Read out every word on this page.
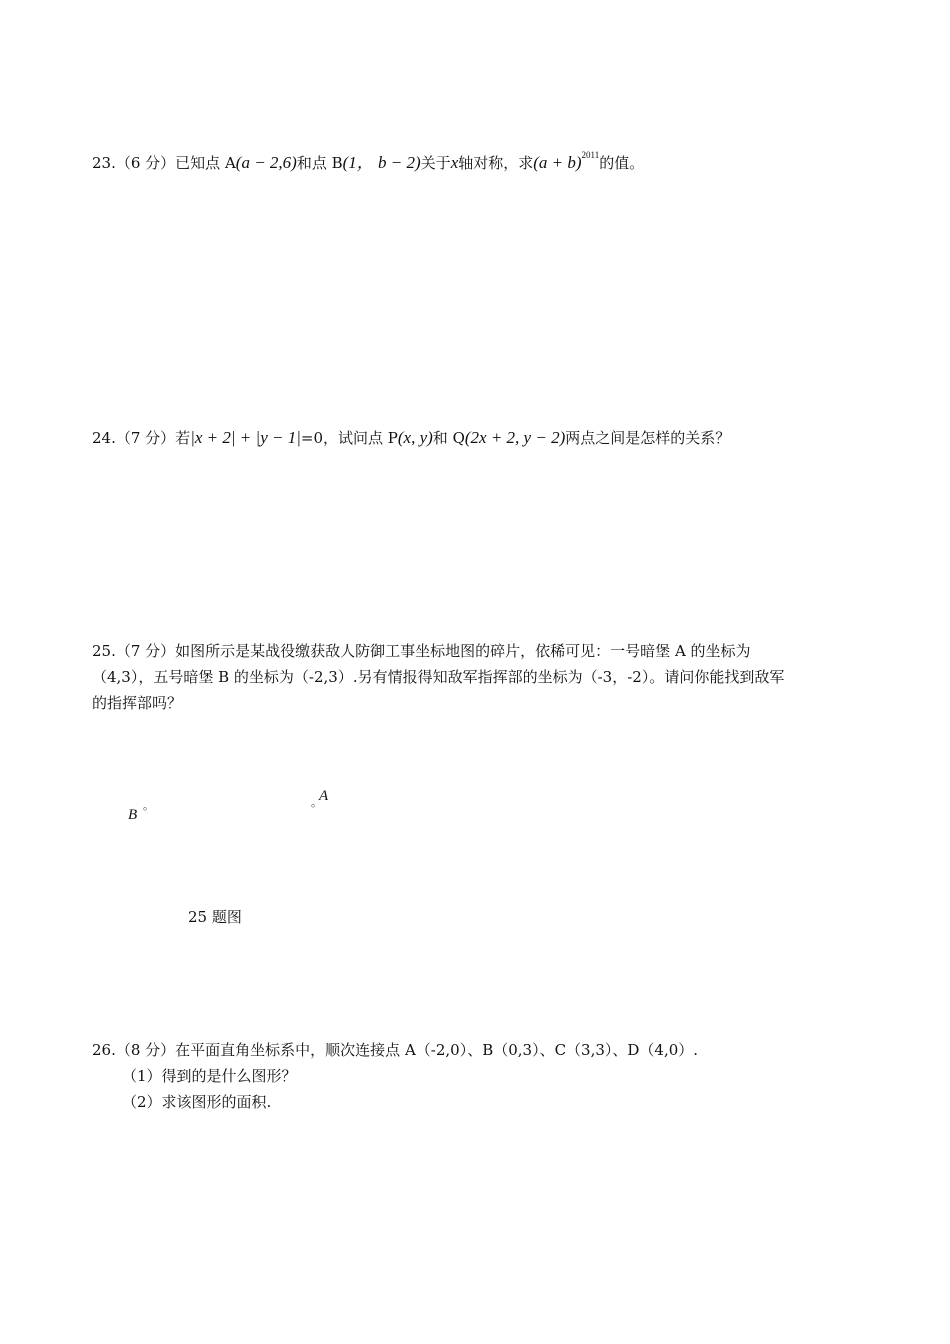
23.（6 分）已知点 A(a − 2,6)和点 B(1， b − 2)关于x轴对称，求$(a + b)^{2011}$的值。
24.（7 分）若|x + 2| + |y − 1|=0，试问点 P(x, y)和 Q(2x + 2, y − 2)两点之间是怎样的关系？
25.（7 分）如图所示是某战役缴获敌人防御工事坐标地图的碎片，依稀可见：一号暗堡 A 的坐标为
（4,3），五号暗堡 B 的坐标为（-2,3）.另有情报得知敌军指挥部的坐标为（-3，-2）。请问你能找到敌军
的指挥部吗？
。
B
。
A
25 题图
26.（8 分）在平面直角坐标系中，顺次连接点 A（-2,0）、B（0,3）、C（3,3）、D（4,0）.
（1）得到的是什么图形？
（2）求该图形的面积.
